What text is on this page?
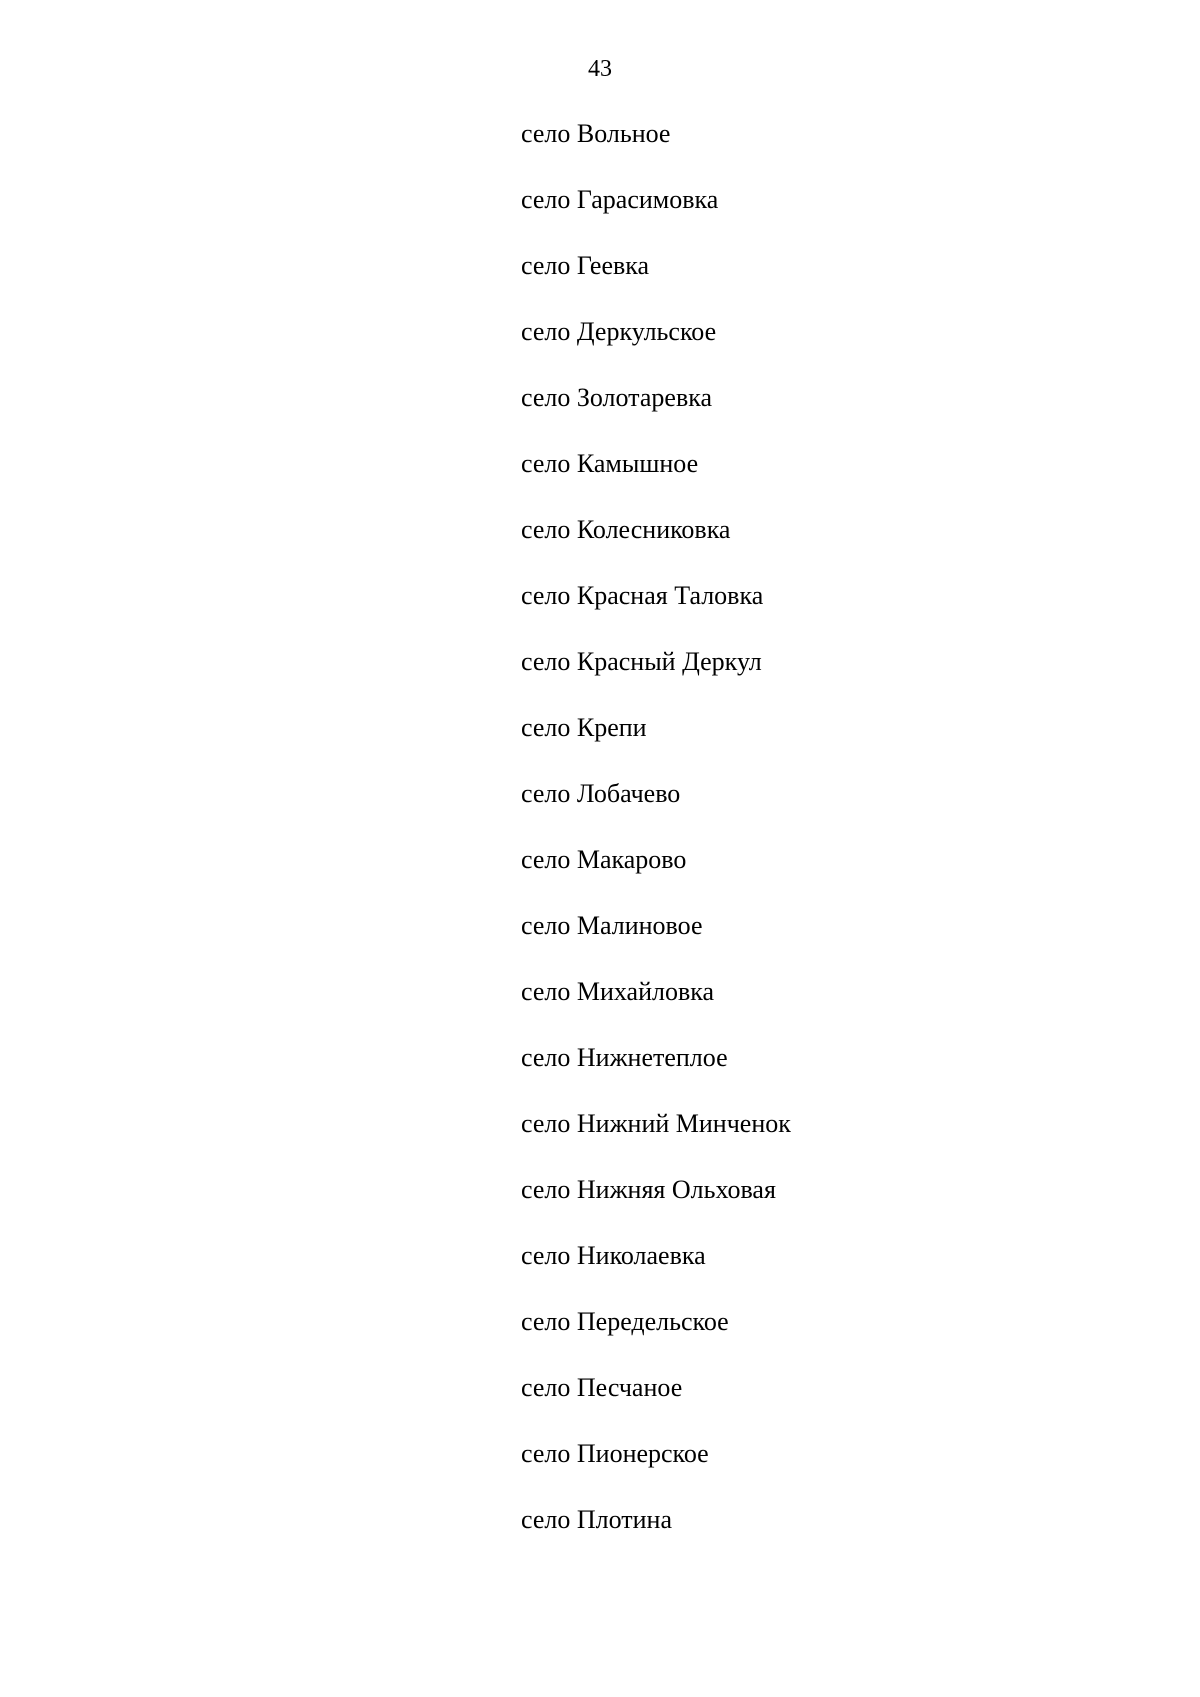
43
село Вольное
село Гарасимовка
село Геевка
село Деркульское
село Золотаревка
село Камышное
село Колесниковка
село Красная Таловка
село Красный Деркул
село Крепи
село Лобачево
село Макарово
село Малиновое
село Михайловка
село Нижнетеплое
село Нижний Минченок
село Нижняя Ольховая
село Николаевка
село Передельское
село Песчаное
село Пионерское
село Плотина
